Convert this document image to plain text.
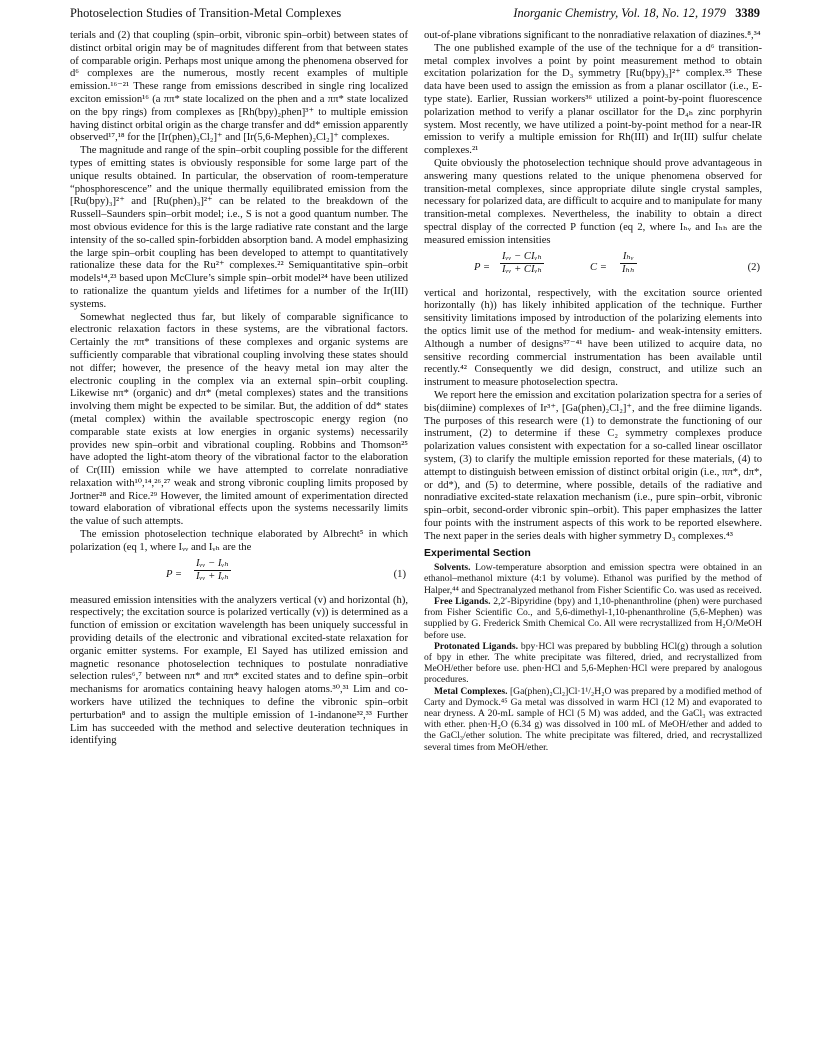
Photoselection Studies of Transition-Metal Complexes	Inorganic Chemistry, Vol. 18, No. 12, 1979 3389

terials and (2) that coupling (spin–orbit, vibronic spin–orbit) between states of distinct orbital origin may be of magnitudes different from that between states of comparable origin. Perhaps most unique among the phenomena observed for d⁶ complexes are the numerous, mostly recent examples of multiple emission.¹⁶⁻²¹ These range from emissions described in single ring localized exciton emission¹⁶ (a ππ* state localized on the phen and a ππ* state localized on the bpy rings) from complexes as [Rh(bpy)₂phen]³⁺ to multiple emission having distinct orbital origin as the charge transfer and dd* emission apparently observed¹⁷,¹⁸ for the [Ir(phen)₂Cl₂]⁺ and [Ir(5,6-Mephen)₂Cl₂]⁺ complexes.

The magnitude and range of the spin–orbit coupling possible for the different types of emitting states is obviously responsible for some large part of the unique results obtained. In particular, the observation of room-temperature “phosphorescence” and the unique thermally equilibrated emission from the [Ru(bpy)₃]²⁺ and [Ru(phen)₃]²⁺ can be related to the breakdown of the Russell–Saunders spin–orbit model; i.e., S is not a good quantum number. The most obvious evidence for this is the large radiative rate constant and the large intensity of the so-called spin-forbidden absorption band. A model emphasizing the large spin–orbit coupling has been developed to attempt to quantitatively rationalize these data for the Ru²⁺ complexes.²² Semiquantitative spin–orbit models¹⁴,²³ based upon McClure’s simple spin–orbit model²⁴ have been utilized to rationalize the quantum yields and lifetimes for a number of the Ir(III) systems.

Somewhat neglected thus far, but likely of comparable significance to electronic relaxation factors in these systems, are the vibrational factors. Certainly the ππ* transitions of these complexes and organic systems are sufficiently comparable that vibrational coupling involving these states should not differ; however, the presence of the heavy metal ion may alter the electronic coupling in the complex via an external spin–orbit coupling. Likewise nπ* (organic) and dπ* (metal complexes) states and the transitions involving them might be expected to be similar. But, the addition of dd* states (metal complex) within the available spectroscopic energy region (no comparable state exists at low energies in organic systems) necessarily provides new spin–orbit and vibrational coupling. Robbins and Thomson²⁵ have adopted the light-atom theory of the vibrational factor to the elaboration of Cr(III) emission while we have attempted to correlate nonradiative relaxation with¹⁰,¹⁴,²⁶,²⁷ weak and strong vibronic coupling limits proposed by Jortner²⁸ and Rice.²⁹ However, the limited amount of experimentation directed toward elaboration of vibrational effects upon the systems necessarily limits the value of such attempts.

The emission photoselection technique elaborated by Albrecht⁵ in which polarization (eq 1, where Iᵥᵥ and Iᵥₕ are the

P =
Iᵥᵥ − Iᵥₕ
Iᵥᵥ + Iᵥₕ	(1)

measured emission intensities with the analyzers vertical (v) and horizontal (h), respectively; the excitation source is polarized vertically (v)) is determined as a function of emission or excitation wavelength has been uniquely successful in providing details of the electronic and vibrational excited-state relaxation for organic emitter systems. For example, El Sayed has utilized emission and magnetic resonance photoselection techniques to postulate nonradiative selection rules⁶,⁷ between nπ* and ππ* excited states and to define spin–orbit mechanisms for aromatics containing heavy halogen atoms.³⁰,³¹ Lim and co-workers have utilized the techniques to define the vibronic spin–orbit perturbation⁸ and to assign the multiple emission of 1-indanone³²,³³ Further Lim has succeeded with the method and selective deuteration techniques in identifying

out-of-plane vibrations significant to the nonradiative relaxation of diazines.⁸,³⁴

The one published example of the use of the technique for a d⁶ transition-metal complex involves a point by point measurement method to obtain excitation polarization for the D₃ symmetry [Ru(bpy)₃]²⁺ complex.³⁵ These data have been used to assign the emission as from a planar oscillator (i.e., E-type state). Earlier, Russian workers³⁶ utilized a point-by-point fluorescence polarization method to verify a planar oscillator for the D₄ₕ zinc porphyrin system. Most recently, we have utilized a point-by-point method for a near-IR emission to verify a multiple emission for Rh(III) and Ir(III) sulfur chelate complexes.²¹

Quite obviously the photoselection technique should prove advantageous in answering many questions related to the unique phenomena observed for transition-metal complexes, since appropriate dilute single crystal samples, necessary for polarized data, are difficult to acquire and to manipulate for many transition-metal complexes. Nevertheless, the inability to obtain a direct spectral display of the corrected P function (eq 2, where Iₕᵥ and Iₕₕ are the measured emission intensities

P =
Iᵥᵥ − CIᵥₕ
Iᵥᵥ + CIᵥₕ	C =
Iₕᵥ
Iₕₕ	(2)

vertical and horizontal, respectively, with the excitation source oriented horizontally (h)) has likely inhibited application of the technique. Further sensitivity limitations imposed by introduction of the polarizing elements into the optics limit use of the method for medium- and weak-intensity emitters. Although a number of designs³⁷⁻⁴¹ have been utilized to acquire data, no sensitive recording commercial instrumentation has been available until recently.⁴² Consequently we did design, construct, and utilize such an instrument to measure photoselection spectra.

We report here the emission and excitation polarization spectra for a series of bis(diimine) complexes of Ir³⁺, [Ga(phen)₂Cl₂]⁺, and the free diimine ligands. The purposes of this research were (1) to demonstrate the functioning of our instrument, (2) to determine if these C₂ symmetry complexes produce polarization values consistent with expectation for a so-called linear oscillator system, (3) to clarify the multiple emission reported for these materials, (4) to attempt to distinguish between emission of distinct orbital origin (i.e., ππ*, dπ*, or dd*), and (5) to determine, where possible, details of the radiative and nonradiative excited-state relaxation mechanism (i.e., pure spin–orbit, vibronic spin–orbit, second-order vibronic spin–orbit). This paper emphasizes the latter four points with the instrument aspects of this work to be reported elsewhere. The next paper in the series deals with higher symmetry D₃ complexes.⁴³

Experimental Section

Solvents. Low-temperature absorption and emission spectra were obtained in an ethanol–methanol mixture (4:1 by volume). Ethanol was purified by the method of Halper,⁴⁴ and Spectranalyzed methanol from Fisher Scientific Co. was used as received.

Free Ligands. 2,2′-Bipyridine (bpy) and 1,10-phenanthroline (phen) were purchased from Fisher Scientific Co., and 5,6-dimethyl-1,10-phenanthroline (5,6-Mephen) was supplied by G. Frederick Smith Chemical Co. All were recrystallized from H₂O/MeOH before use.

Protonated Ligands. bpy·HCl was prepared by bubbling HCl(g) through a solution of bpy in ether. The white precipitate was filtered, dried, and recrystallized from MeOH/ether before use. phen·HCl and 5,6-Mephen·HCl were prepared by analogous procedures.

Metal Complexes. [Ga(phen)₂Cl₂]Cl·1¹/₂H₂O was prepared by a modified method of Carty and Dymock.⁴⁵ Ga metal was dissolved in warm HCl (12 M) and evaporated to near dryness. A 20-mL sample of HCl (5 M) was added, and the GaCl₃ was extracted with ether. phen·H₂O (6.34 g) was dissolved in 100 mL of MeOH/ether and added to the GaCl₃/ether solution. The white precipitate was filtered, dried, and recrystallized several times from MeOH/ether.
